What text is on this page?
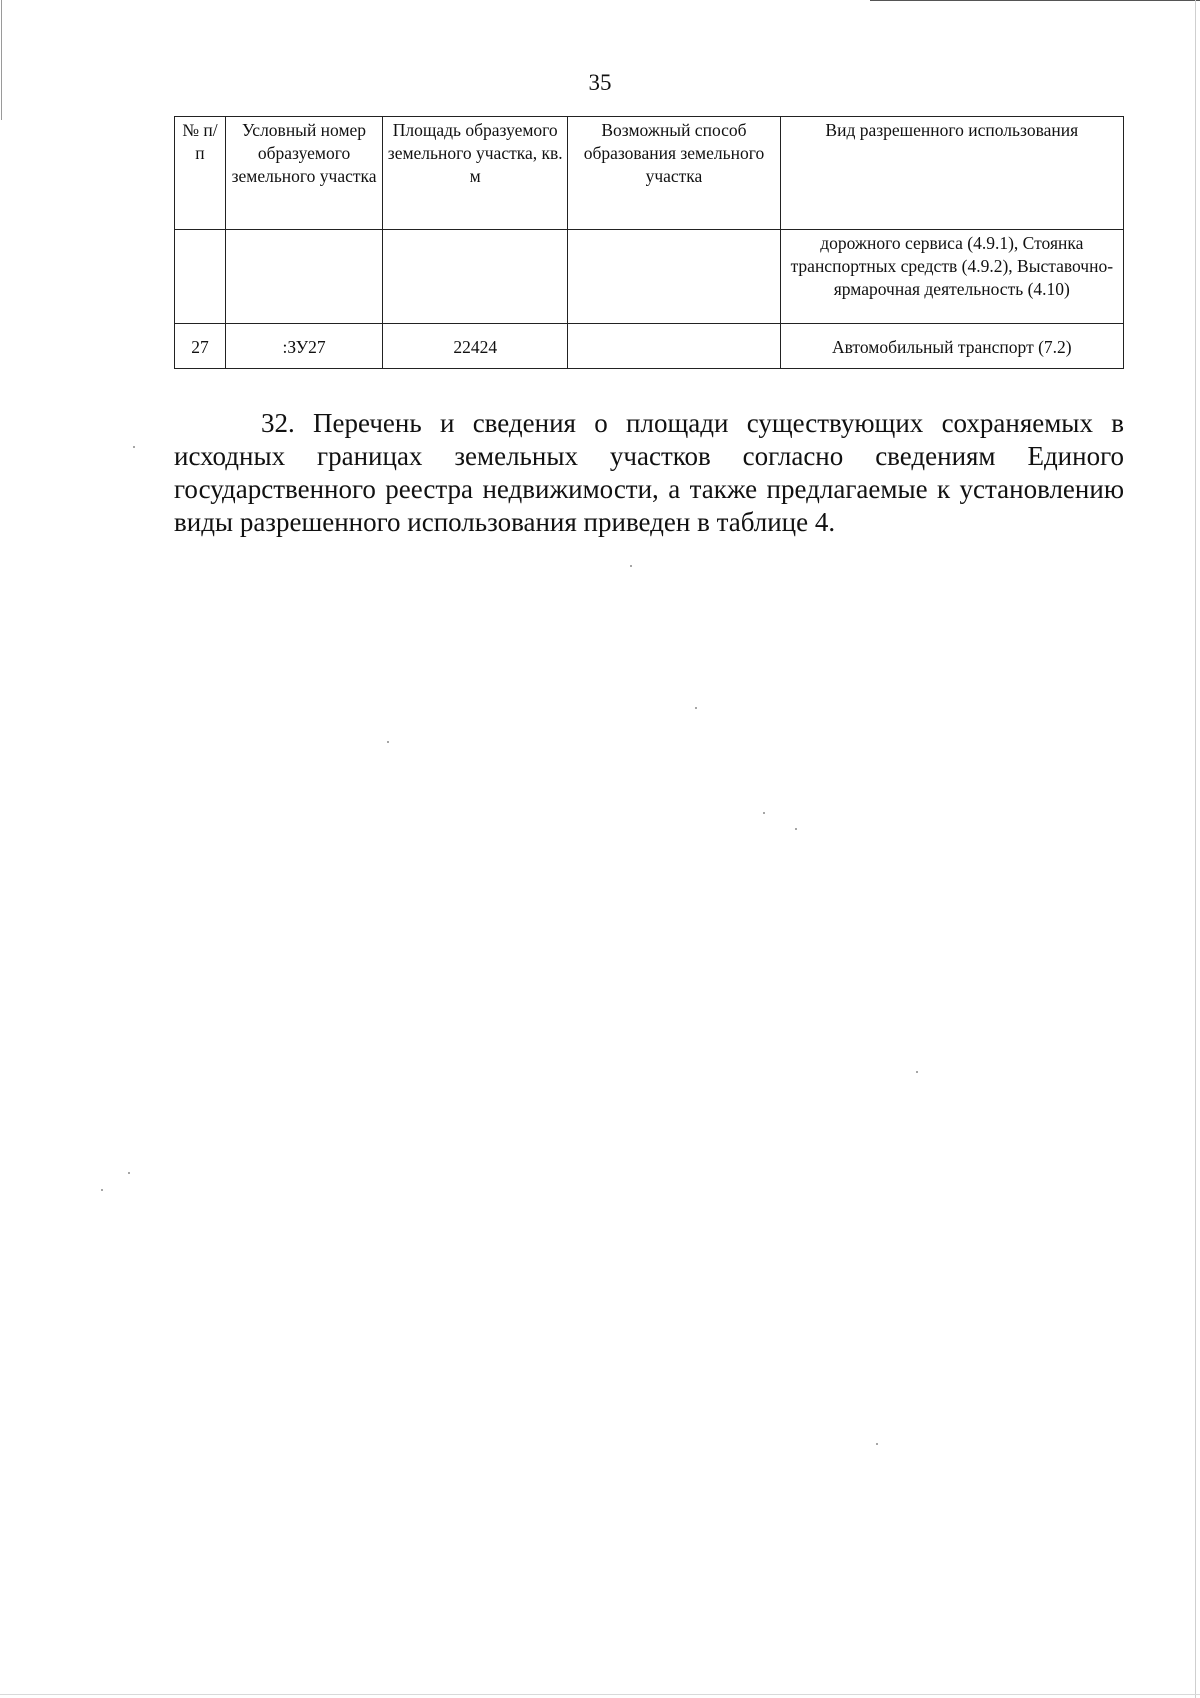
35
№ п/п	Условный номер образуемого земельного участка	Площадь образуемого земельного участка, кв. м	Возможный способ образования земельного участка	Вид разрешенного использования
				дорожного сервиса (4.9.1), Стоянка транспортных средств (4.9.2), Выставочно-ярмарочная деятельность (4.10)
27	:ЗУ27	22424		Автомобильный транспорт (7.2)

32. Перечень и сведения о площади существующих сохраняемых в исходных границах земельных участков согласно сведениям Единого государственного реестра недвижимости, а также предлагаемые к установлению виды разрешенного использования приведен в таблице 4.
